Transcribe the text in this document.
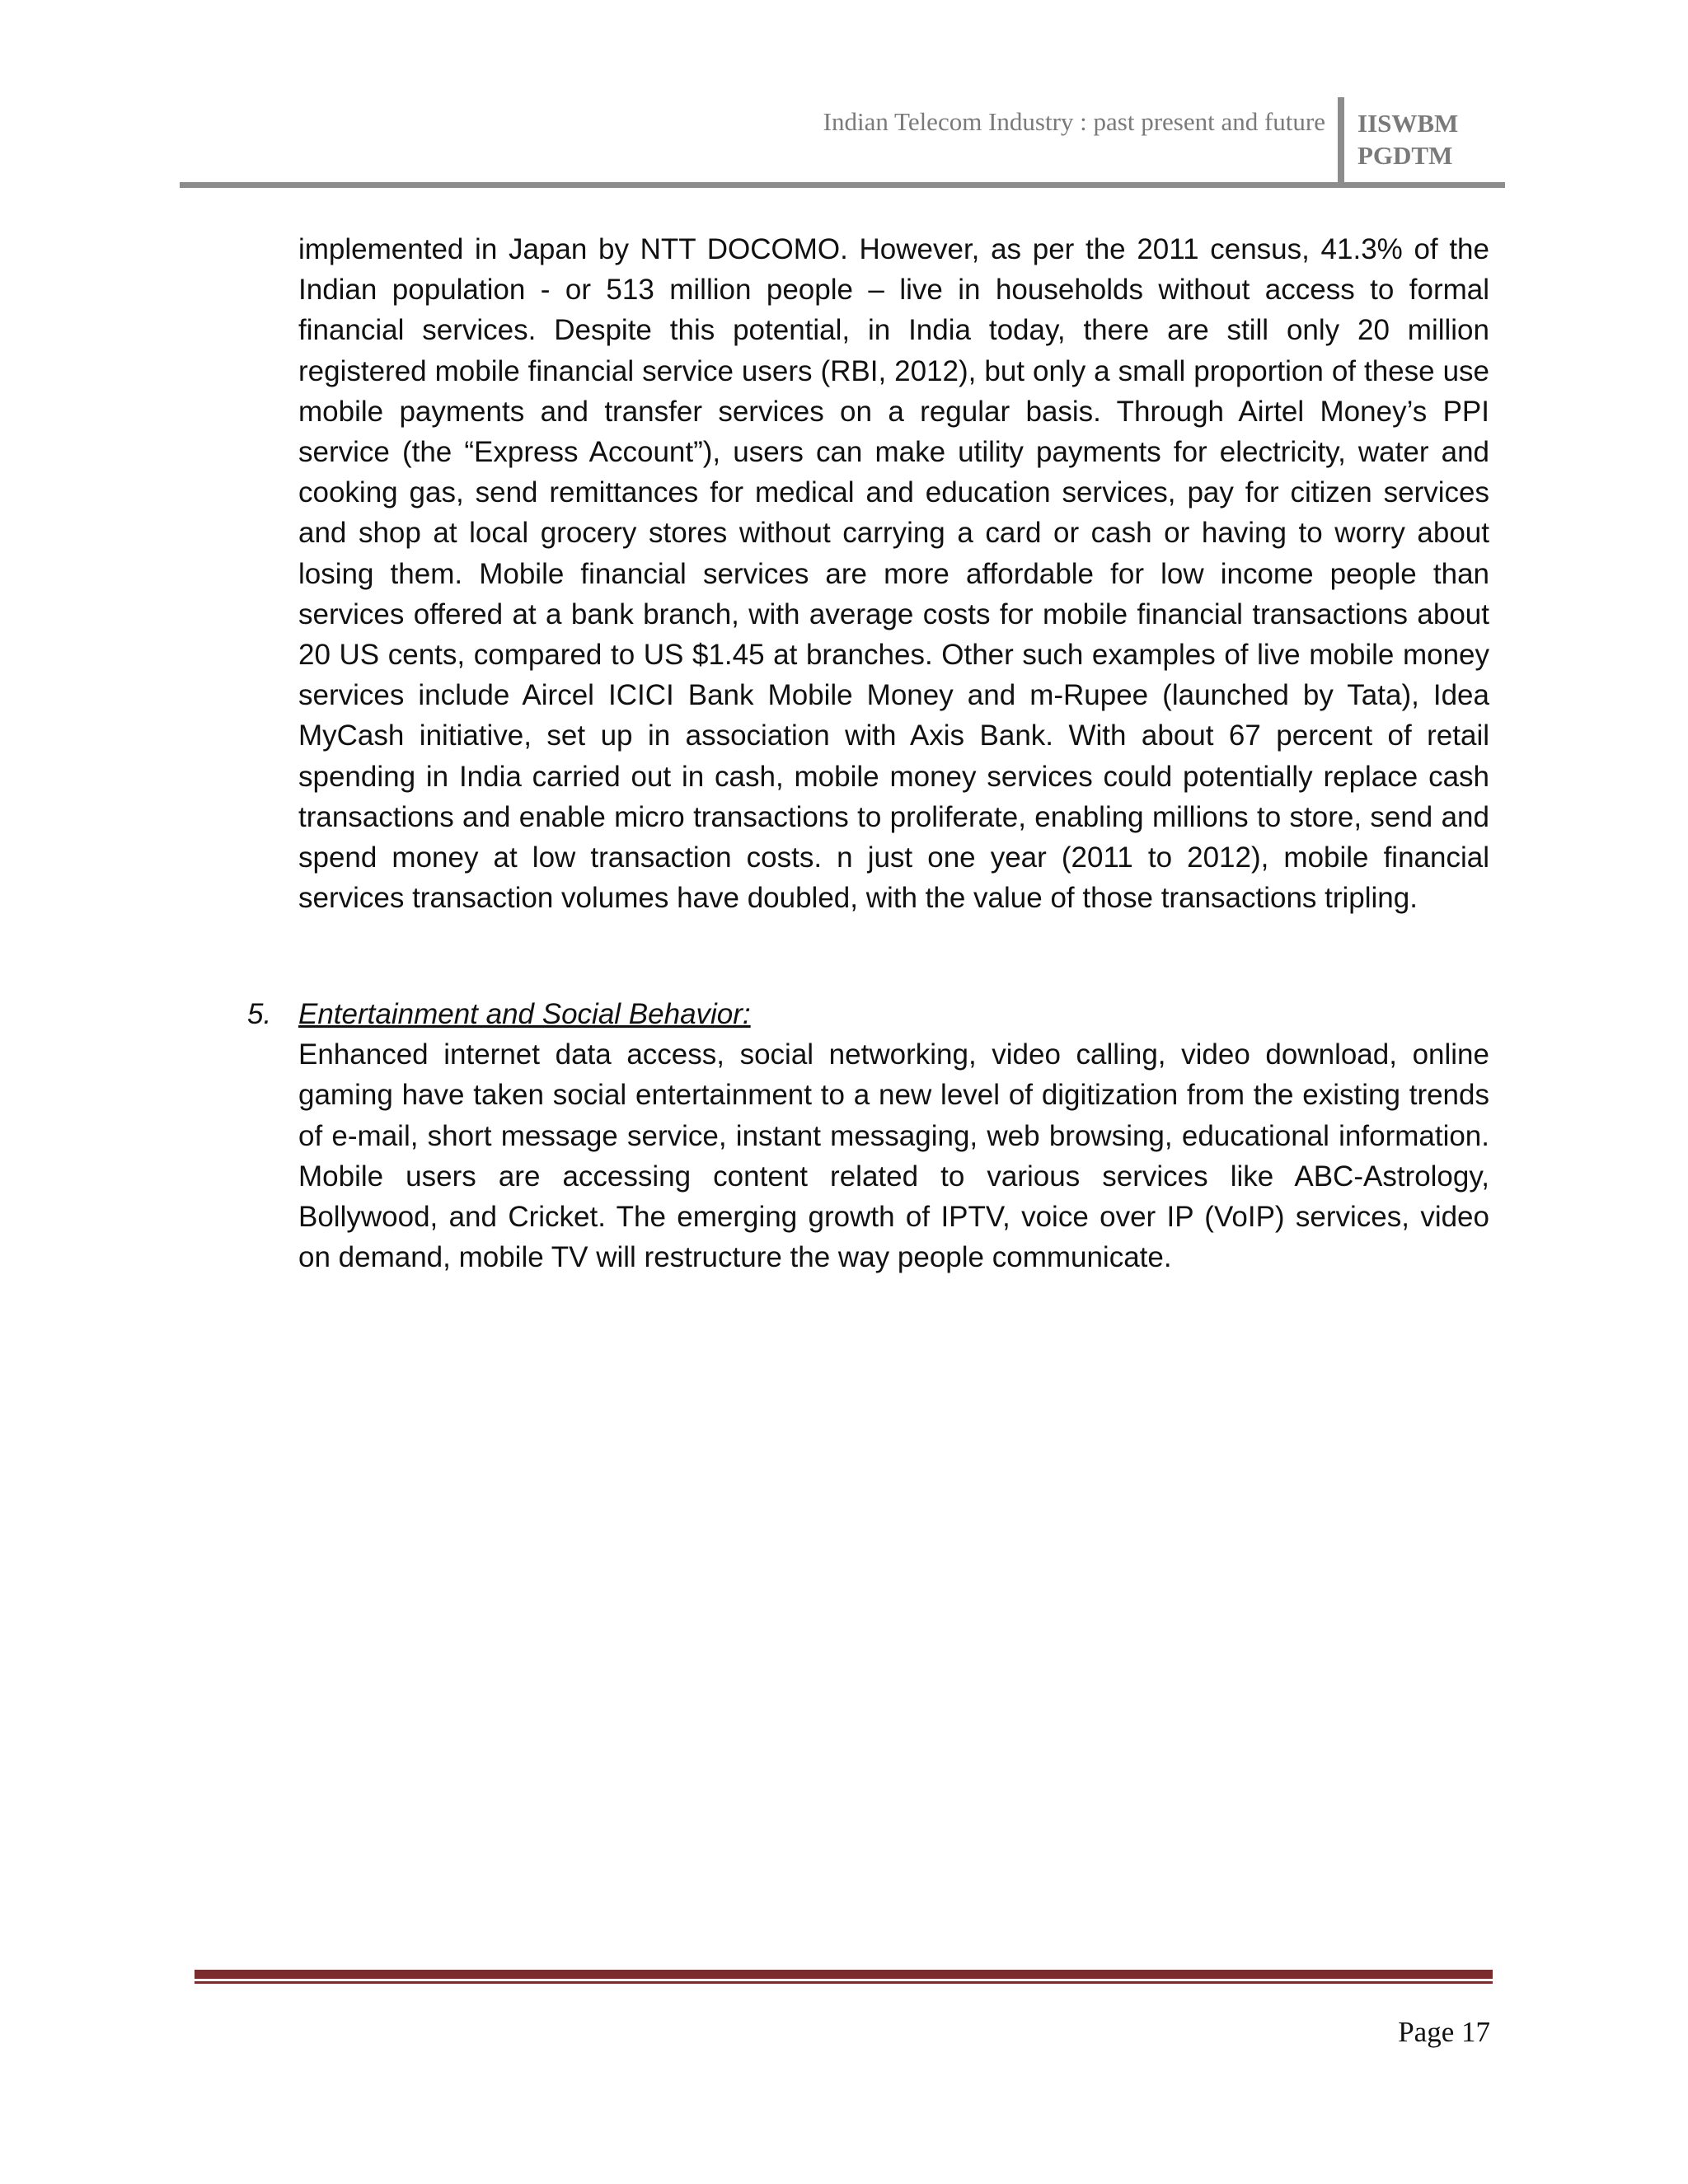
Indian Telecom Industry : past present and future IISWBM
PGDTM

implemented in Japan by NTT DOCOMO. However, as per the 2011 census, 41.3% of the Indian population - or 513 million people – live in households without access to formal financial services. Despite this potential, in India today, there are still only 20 million registered mobile financial service users (RBI, 2012), but only a small proportion of these use mobile payments and transfer services on a regular basis. Through Airtel Money’s PPI service (the “Express Account”), users can make utility payments for electricity, water and cooking gas, send remittances for medical and education services, pay for citizen services and shop at local grocery stores without carrying a card or cash or having to worry about losing them. Mobile financial services are more affordable for low income people than services offered at a bank branch, with average costs for mobile financial transactions about 20 US cents, compared to US $1.45 at branches. Other such examples of live mobile money services include Aircel ICICI Bank Mobile Money and m-Rupee (launched by Tata), Idea MyCash initiative, set up in association with Axis Bank. With about 67 percent of retail spending in India carried out in cash, mobile money services could potentially replace cash transactions and enable micro transactions to proliferate, enabling millions to store, send and spend money at low transaction costs. n just one year (2011 to 2012), mobile financial services transaction volumes have doubled, with the value of those transactions tripling.

5. Entertainment and Social Behavior:

Enhanced internet data access, social networking, video calling, video download, online gaming have taken social entertainment to a new level of digitization from the existing trends of e-mail, short message service, instant messaging, web browsing, educational information. Mobile users are accessing content related to various services like ABC-Astrology, Bollywood, and Cricket. The emerging growth of IPTV, voice over IP (VoIP) services, video on demand, mobile TV will restructure the way people communicate.

Page 17
